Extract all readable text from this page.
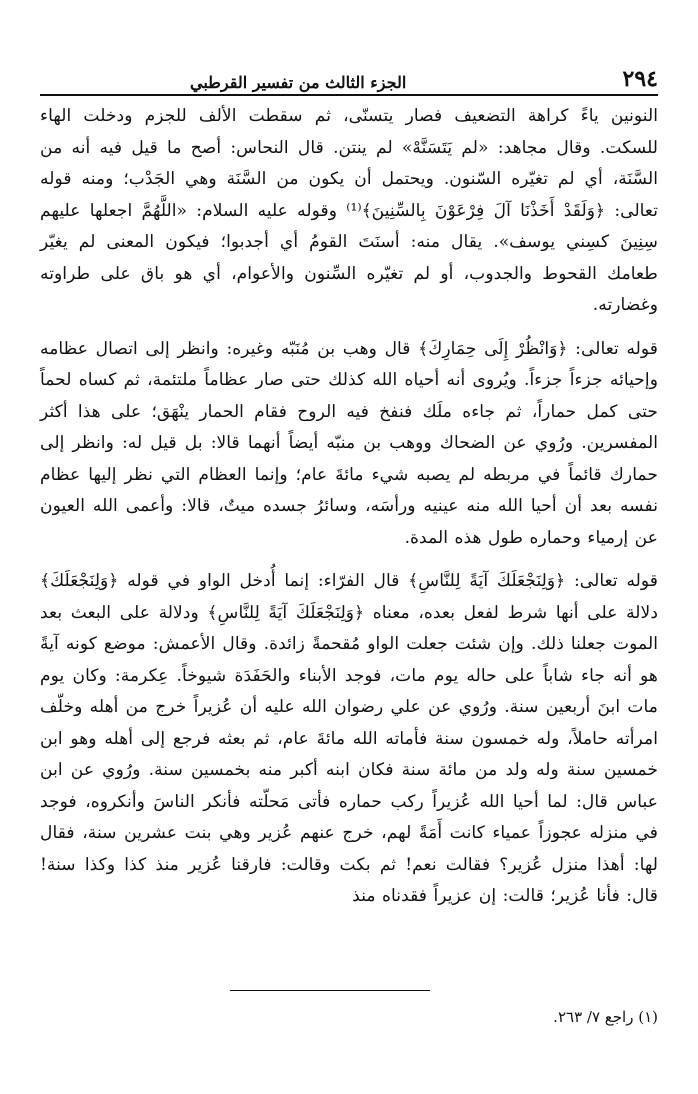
٢٩٤
الجزء الثالث من تفسير القرطبي

النونين ياءً كراهة التضعيف فصار يتسنّى، ثم سقطت الألف للجزم ودخلت الهاء للسكت. وقال مجاهد: «لم يَتَسَنَّهْ» لم ينتن. قال النحاس: أصح ما قيل فيه أنه من السَّنَة، أي لم تغيّره السّنون. ويحتمل أن يكون من السَّنَة وهي الجَدْب؛ ومنه قوله تعالى: ﴿وَلَقَدْ أَخَذْنَا آلَ فِرْعَوْنَ بِالسِّنِينَ﴾⁽¹⁾ وقوله عليه السلام: «اللَّهُمَّ اجعلها عليهم سِنِينَ كسِني يوسف». يقال منه: أسنَتَ القومُ أي أجدبوا؛ فيكون المعنى لم يغيّر طعامك القحوط والجدوب، أو لم تغيّره السِّنون والأعوام، أي هو باق على طراوته وغضارته.

قوله تعالى: ﴿وَانْظُرْ إِلَى حِمَارِكَ﴾ قال وهب بن مُنَبّه وغيره: وانظر إلى اتصال عظامه وإحيائه جزءاً جزءاً. ويُروى أنه أحياه الله كذلك حتى صار عظاماً ملتئمة، ثم كساه لحماً حتى كمل حماراً، ثم جاءه ملَك فنفخ فيه الروح فقام الحمار ينْهَق؛ على هذا أكثر المفسرين. ورُوي عن الضحاك ووهب بن منبّه أيضاً أنهما قالا: بل قيل له: وانظر إلى حمارك قائماً في مربطه لم يصبه شيء مائةَ عام؛ وإنما العظام التي نظر إليها عظام نفسه بعد أن أحيا الله منه عينيه ورأسَه، وسائرُ جسده ميتٌ، قالا: وأعمى الله العيون عن إرمياء وحماره طول هذه المدة.

قوله تعالى: ﴿وَلِنَجْعَلَكَ آيَةً لِلنَّاسِ﴾ قال الفرّاء: إنما أُدخل الواو في قوله ﴿وَلِنَجْعَلَكَ﴾ دلالة على أنها شرط لفعل بعده، معناه ﴿وَلِنَجْعَلَكَ آيَةً لِلنَّاسِ﴾ ودلالة على البعث بعد الموت جعلنا ذلك. وإن شئت جعلت الواو مُقحمةً زائدة. وقال الأعمش: موضع كونه آيةً هو أنه جاء شاباً على حاله يوم مات، فوجد الأبناء والحَفَدَة شيوخاً. عِكرمة: وكان يوم مات ابنَ أربعين سنة. ورُوي عن علي رضوان الله عليه أن عُزيراً خرج من أهله وخلّف امرأته حاملاً، وله خمسون سنة فأماته الله مائةَ عام، ثم بعثه فرجع إلى أهله وهو ابن خمسين سنة وله ولد من مائة سنة فكان ابنه أكبر منه بخمسين سنة. ورُوي عن ابن عباس قال: لما أحيا الله عُزيراً ركب حماره فأتى مَحلّته فأنكر الناسَ وأنكروه، فوجد في منزله عجوزاً عمياء كانت أَمَةً لهم، خرج عنهم عُزير وهي بنت عشرين سنة، فقال لها: أهذا منزل عُزير؟ فقالت نعم! ثم بكت وقالت: فارقنا عُزير منذ كذا وكذا سنة! قال: فأنا عُزير؛ قالت: إن عزيراً فقدناه منذ

(١) راجع ٧/ ٢٦٣.
